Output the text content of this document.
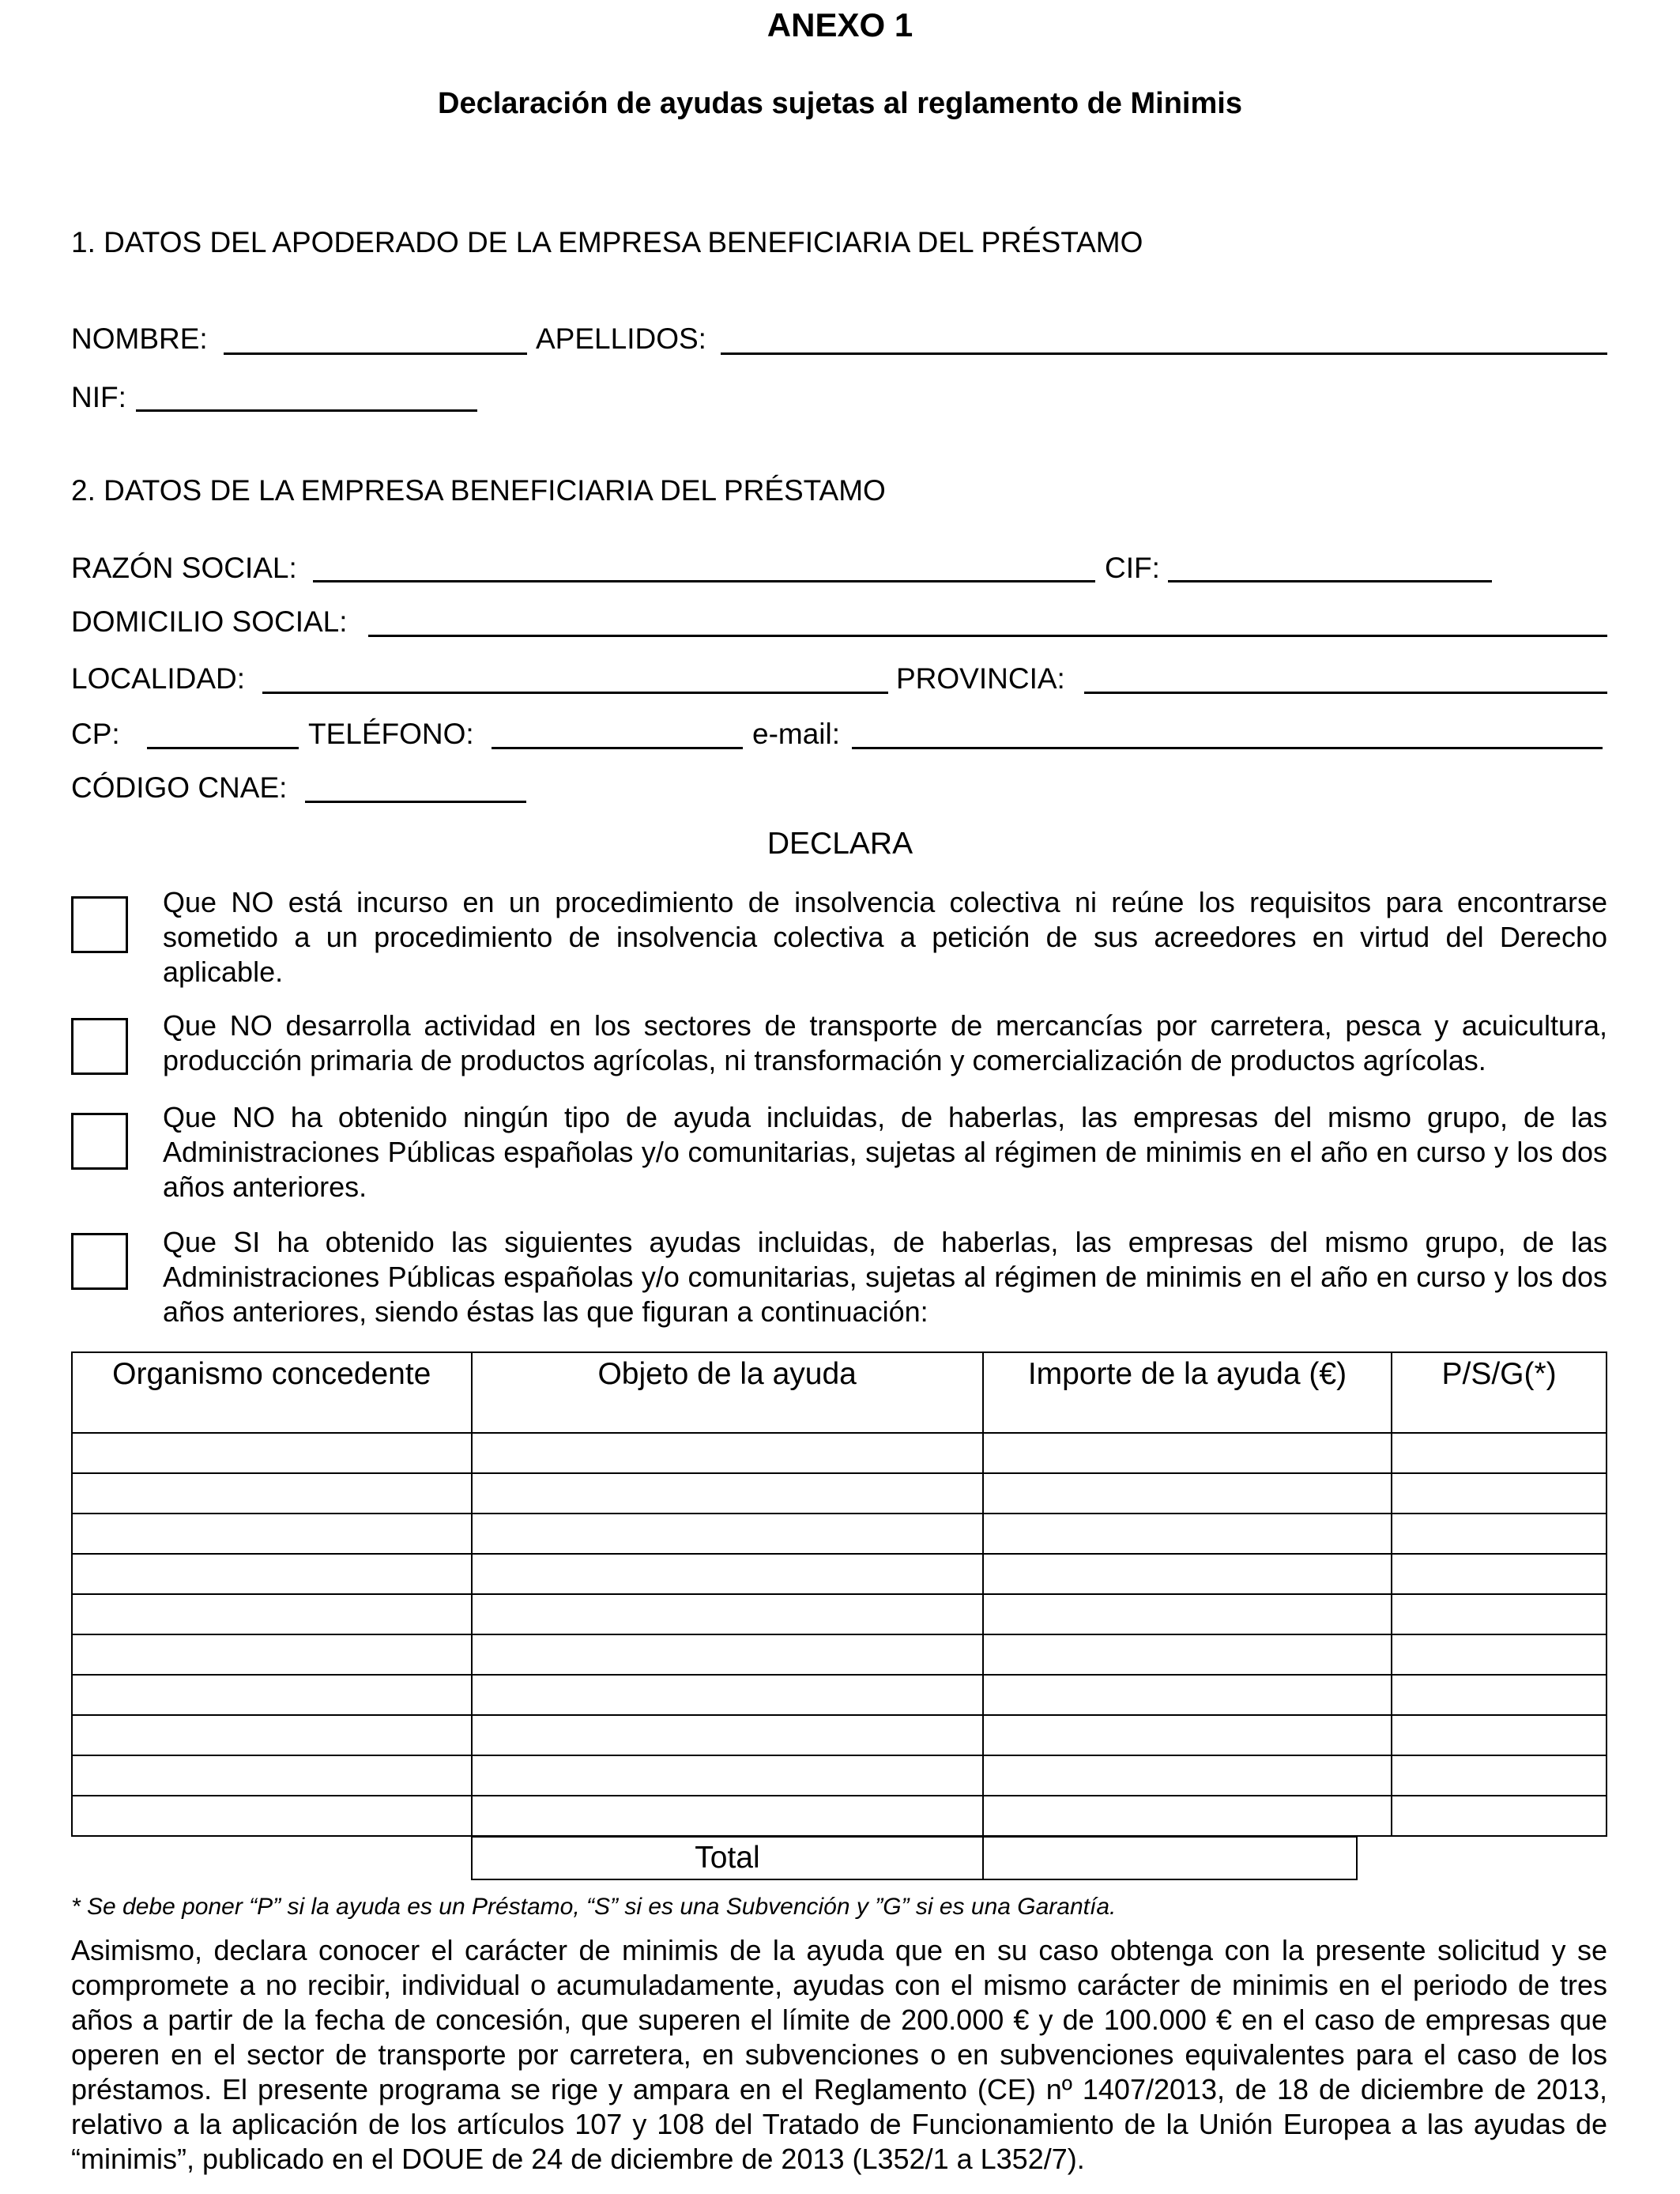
ANEXO 1
Declaración de ayudas sujetas al reglamento de Minimis
1. DATOS DEL APODERADO DE LA EMPRESA BENEFICIARIA DEL PRÉSTAMO
NOMBRE:	APELLIDOS:
NIF:
2. DATOS DE LA EMPRESA BENEFICIARIA DEL PRÉSTAMO
RAZÓN SOCIAL:	CIF:
DOMICILIO SOCIAL:
LOCALIDAD:	PROVINCIA:
CP:	TELÉFONO:	e-mail:
CÓDIGO CNAE:
DECLARA
Que NO está incurso en un procedimiento de insolvencia colectiva ni reúne los requisitos para encontrarse sometido a un procedimiento de insolvencia colectiva a petición de sus acreedores en virtud del Derecho aplicable.
Que NO desarrolla actividad en los sectores de transporte de mercancías por carretera, pesca y acuicultura, producción primaria de productos agrícolas, ni transformación y comercialización de productos agrícolas.
Que NO ha obtenido ningún tipo de ayuda incluidas, de haberlas, las empresas del mismo grupo, de las Administraciones Públicas españolas y/o comunitarias, sujetas al régimen de minimis en el año en curso y los dos años anteriores.
Que SI ha obtenido las siguientes ayudas incluidas, de haberlas, las empresas del mismo grupo, de las Administraciones Públicas españolas y/o comunitarias, sujetas al régimen de minimis en el año en curso y los dos años anteriores, siendo éstas las que figuran a continuación:
Organismo concedente	Objeto de la ayuda	Importe de la ayuda (€)	P/S/G(*)

Total	
* Se debe poner “P” si la ayuda es un Préstamo, “S” si es una Subvención y ”G” si es una Garantía.
Asimismo, declara conocer el carácter de minimis de la ayuda que en su caso obtenga con la presente solicitud y se compromete a no recibir, individual o acumuladamente, ayudas con el mismo carácter de minimis en el periodo de tres años a partir de la fecha de concesión, que superen el límite de 200.000 € y de 100.000 € en el caso de empresas que operen en el sector de transporte por carretera, en subvenciones o en subvenciones equivalentes para el caso de los préstamos. El presente programa se rige y ampara en el Reglamento (CE) nº 1407/2013, de 18 de diciembre de 2013, relativo a la aplicación de los artículos 107 y 108 del Tratado de Funcionamiento de la Unión Europea a las ayudas de “minimis”, publicado en el DOUE de 24 de diciembre de 2013 (L352/1 a L352/7).
